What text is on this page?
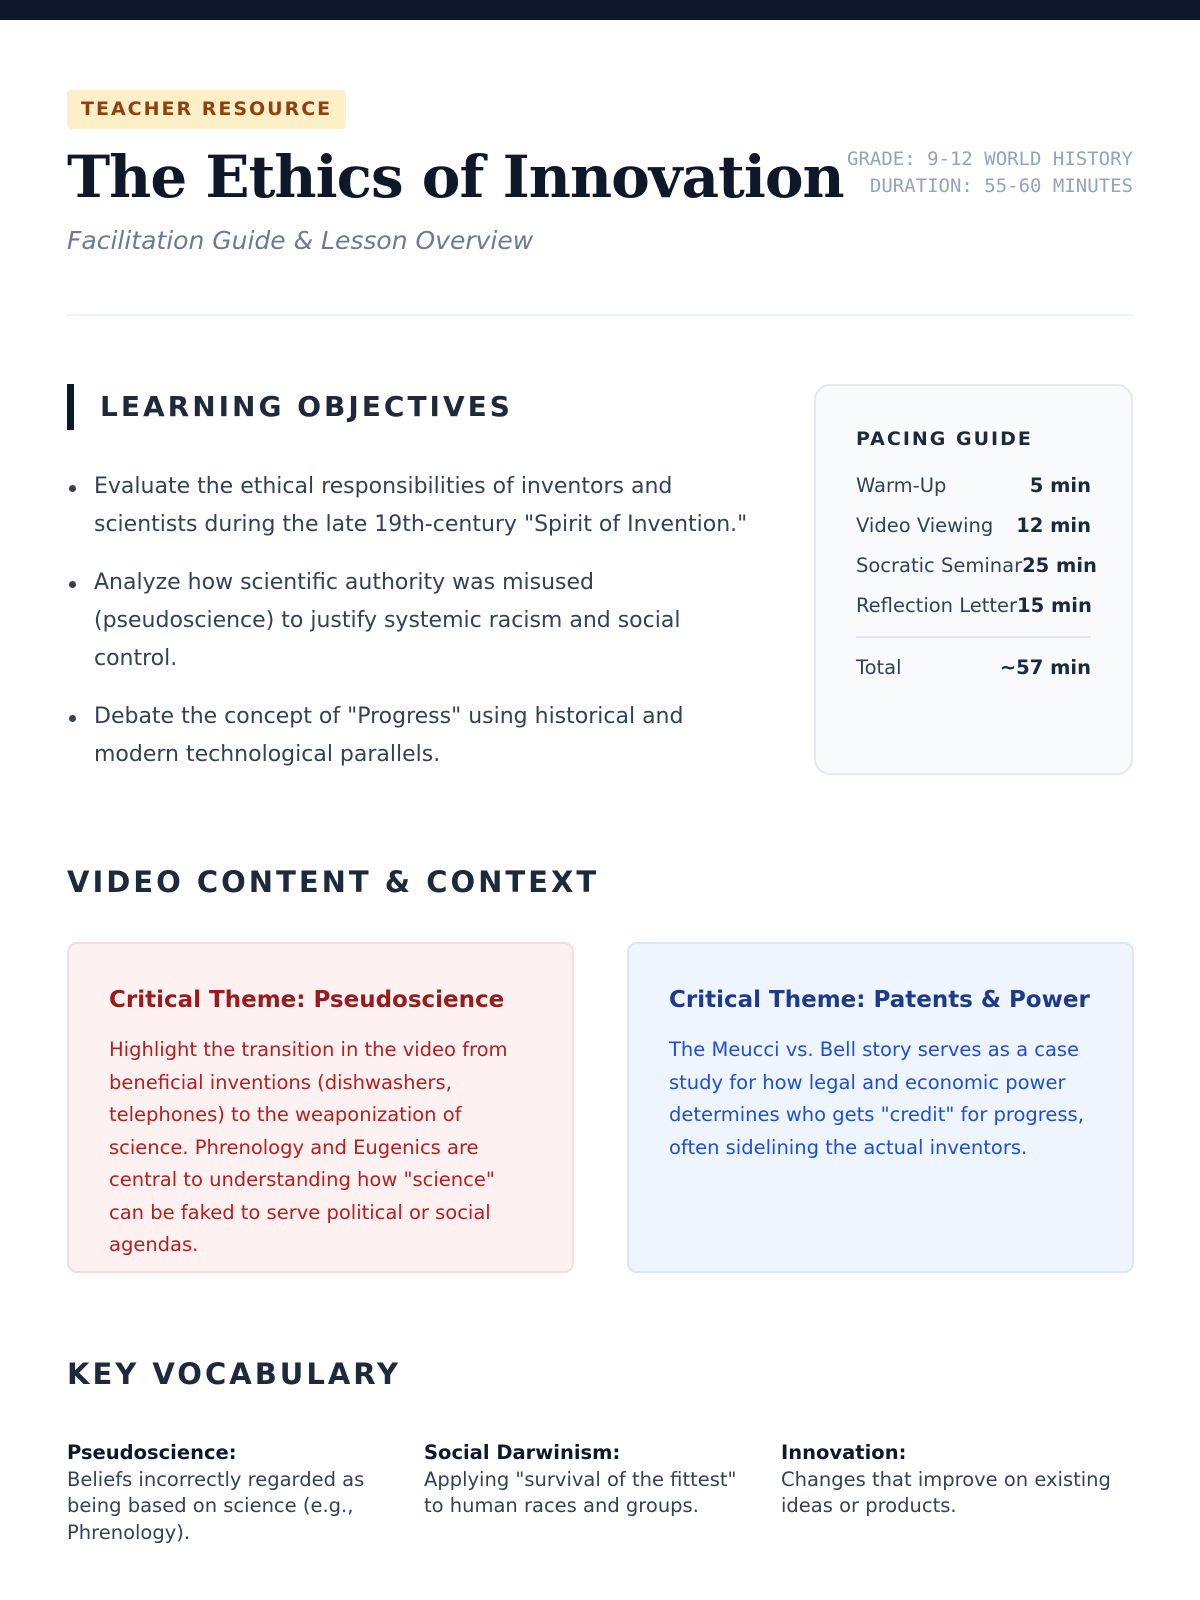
TEACHER RESOURCE
The Ethics of Innovation
Facilitation Guide & Lesson Overview
GRADE: 9-12 WORLD HISTORY
DURATION: 55-60 MINUTES
LEARNING OBJECTIVES
Evaluate the ethical responsibilities of inventors and scientists during the late 19th-century "Spirit of Invention."
Analyze how scientific authority was misused (pseudoscience) to justify systemic racism and social control.
Debate the concept of "Progress" using historical and modern technological parallels.
PACING GUIDE
Warm-Up	5 min
Video Viewing 12 min
Socratic Seminar 25 min
Reflection Letter 15 min
Total	~57 min
VIDEO CONTENT & CONTEXT
Critical Theme: Pseudoscience

Highlight the transition in the video from beneficial inventions (dishwashers, telephones) to the weaponization of science. Phrenology and Eugenics are central to understanding how "science" can be faked to serve political or social agendas.

Critical Theme: Patents & Power

The Meucci vs. Bell story serves as a case study for how legal and economic power determines who gets "credit" for progress, often sidelining the actual inventors.

KEY VOCABULARY
Pseudoscience:
Beliefs incorrectly regarded as being based on science (e.g., Phrenology).
Social Darwinism:
Applying "survival of the fittest" to human races and groups.
Innovation:
Changes that improve on existing ideas or products.
